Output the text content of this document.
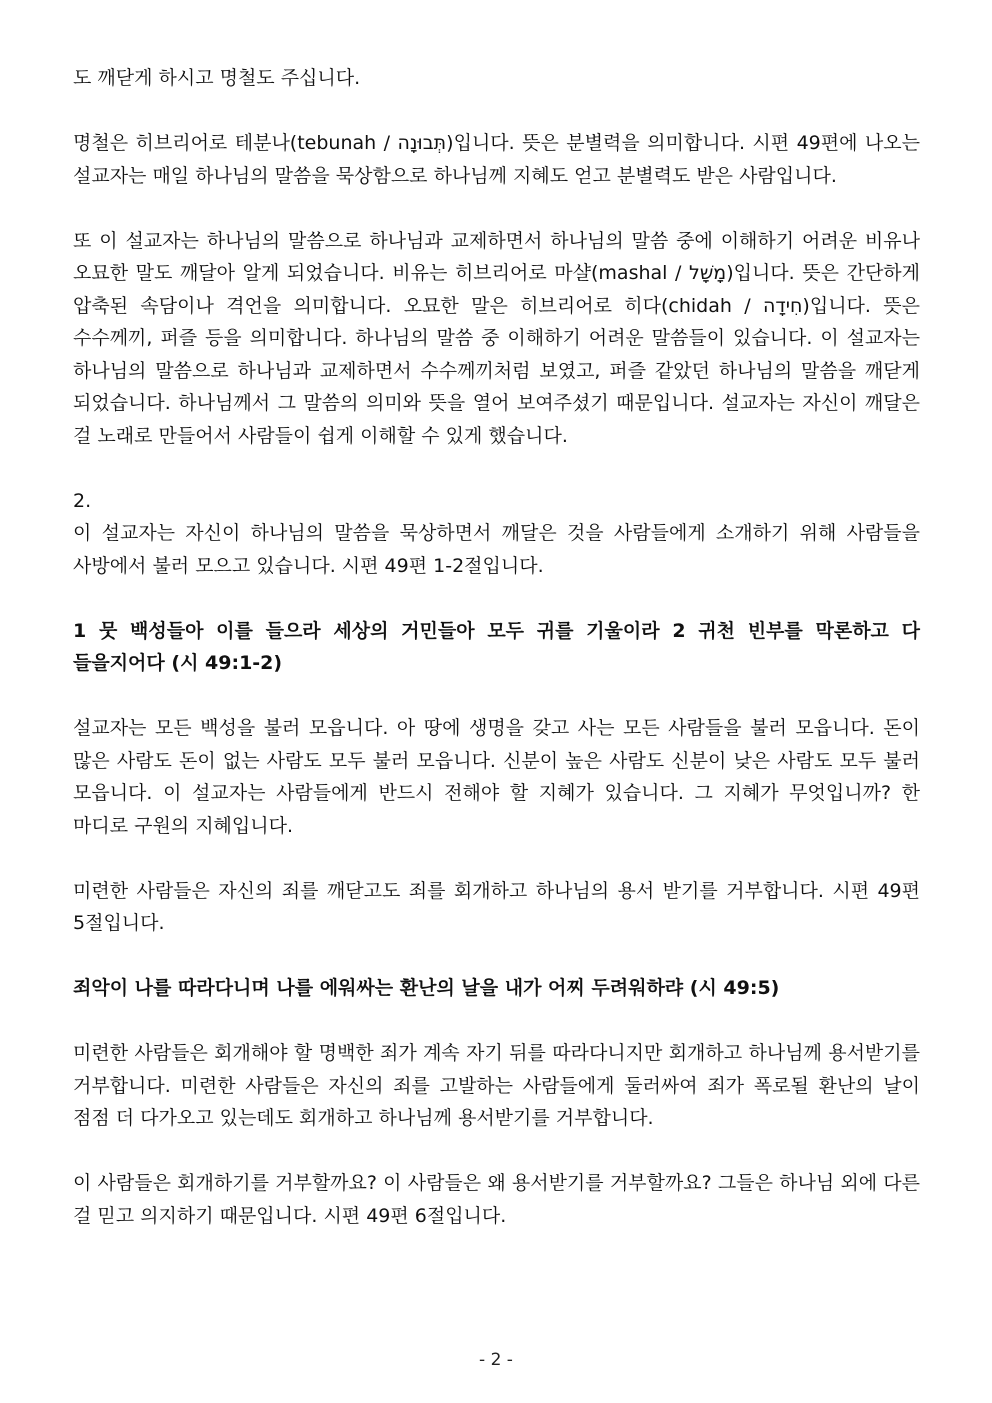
도 깨닫게 하시고 명철도 주십니다.

명철은 히브리어로 테분나(tebunah / תְּבוּנָה)입니다. 뜻은 분별력을 의미합니다. 시편 49편에 나오는 설교자는 매일 하나님의 말씀을 묵상함으로 하나님께 지혜도 얻고 분별력도 받은 사람입니다.

또 이 설교자는 하나님의 말씀으로 하나님과 교제하면서 하나님의 말씀 중에 이해하기 어려운 비유나 오묘한 말도 깨달아 알게 되었습니다. 비유는 히브리어로 마샬(mashal / מָשָׁל)입니다. 뜻은 간단하게 압축된 속담이나 격언을 의미합니다. 오묘한 말은 히브리어로 히다(chidah / חִידָה)입니다. 뜻은 수수께끼, 퍼즐 등을 의미합니다. 하나님의 말씀 중 이해하기 어려운 말씀들이 있습니다. 이 설교자는 하나님의 말씀으로 하나님과 교제하면서 수수께끼처럼 보였고, 퍼즐 같았던 하나님의 말씀을 깨닫게 되었습니다. 하나님께서 그 말씀의 의미와 뜻을 열어 보여주셨기 때문입니다. 설교자는 자신이 깨달은 걸 노래로 만들어서 사람들이 쉽게 이해할 수 있게 했습니다.

2.

이 설교자는 자신이 하나님의 말씀을 묵상하면서 깨달은 것을 사람들에게 소개하기 위해 사람들을 사방에서 불러 모으고 있습니다. 시편 49편 1-2절입니다.

1 뭇 백성들아 이를 들으라 세상의 거민들아 모두 귀를 기울이라 2 귀천 빈부를 막론하고 다 들을지어다 (시 49:1-2)

설교자는 모든 백성을 불러 모읍니다. 아 땅에 생명을 갖고 사는 모든 사람들을 불러 모읍니다. 돈이 많은 사람도 돈이 없는 사람도 모두 불러 모읍니다. 신분이 높은 사람도 신분이 낮은 사람도 모두 불러 모읍니다. 이 설교자는 사람들에게 반드시 전해야 할 지혜가 있습니다. 그 지혜가 무엇입니까? 한 마디로 구원의 지혜입니다.

미련한 사람들은 자신의 죄를 깨닫고도 죄를 회개하고 하나님의 용서 받기를 거부합니다. 시편 49편 5절입니다.

죄악이 나를 따라다니며 나를 에워싸는 환난의 날을 내가 어찌 두려워하랴 (시 49:5)

미련한 사람들은 회개해야 할 명백한 죄가 계속 자기 뒤를 따라다니지만 회개하고 하나님께 용서받기를 거부합니다. 미련한 사람들은 자신의 죄를 고발하는 사람들에게 둘러싸여 죄가 폭로될 환난의 날이 점점 더 다가오고 있는데도 회개하고 하나님께 용서받기를 거부합니다.

이 사람들은 회개하기를 거부할까요? 이 사람들은 왜 용서받기를 거부할까요? 그들은 하나님 외에 다른 걸 믿고 의지하기 때문입니다. 시편 49편 6절입니다.

- 2 -
